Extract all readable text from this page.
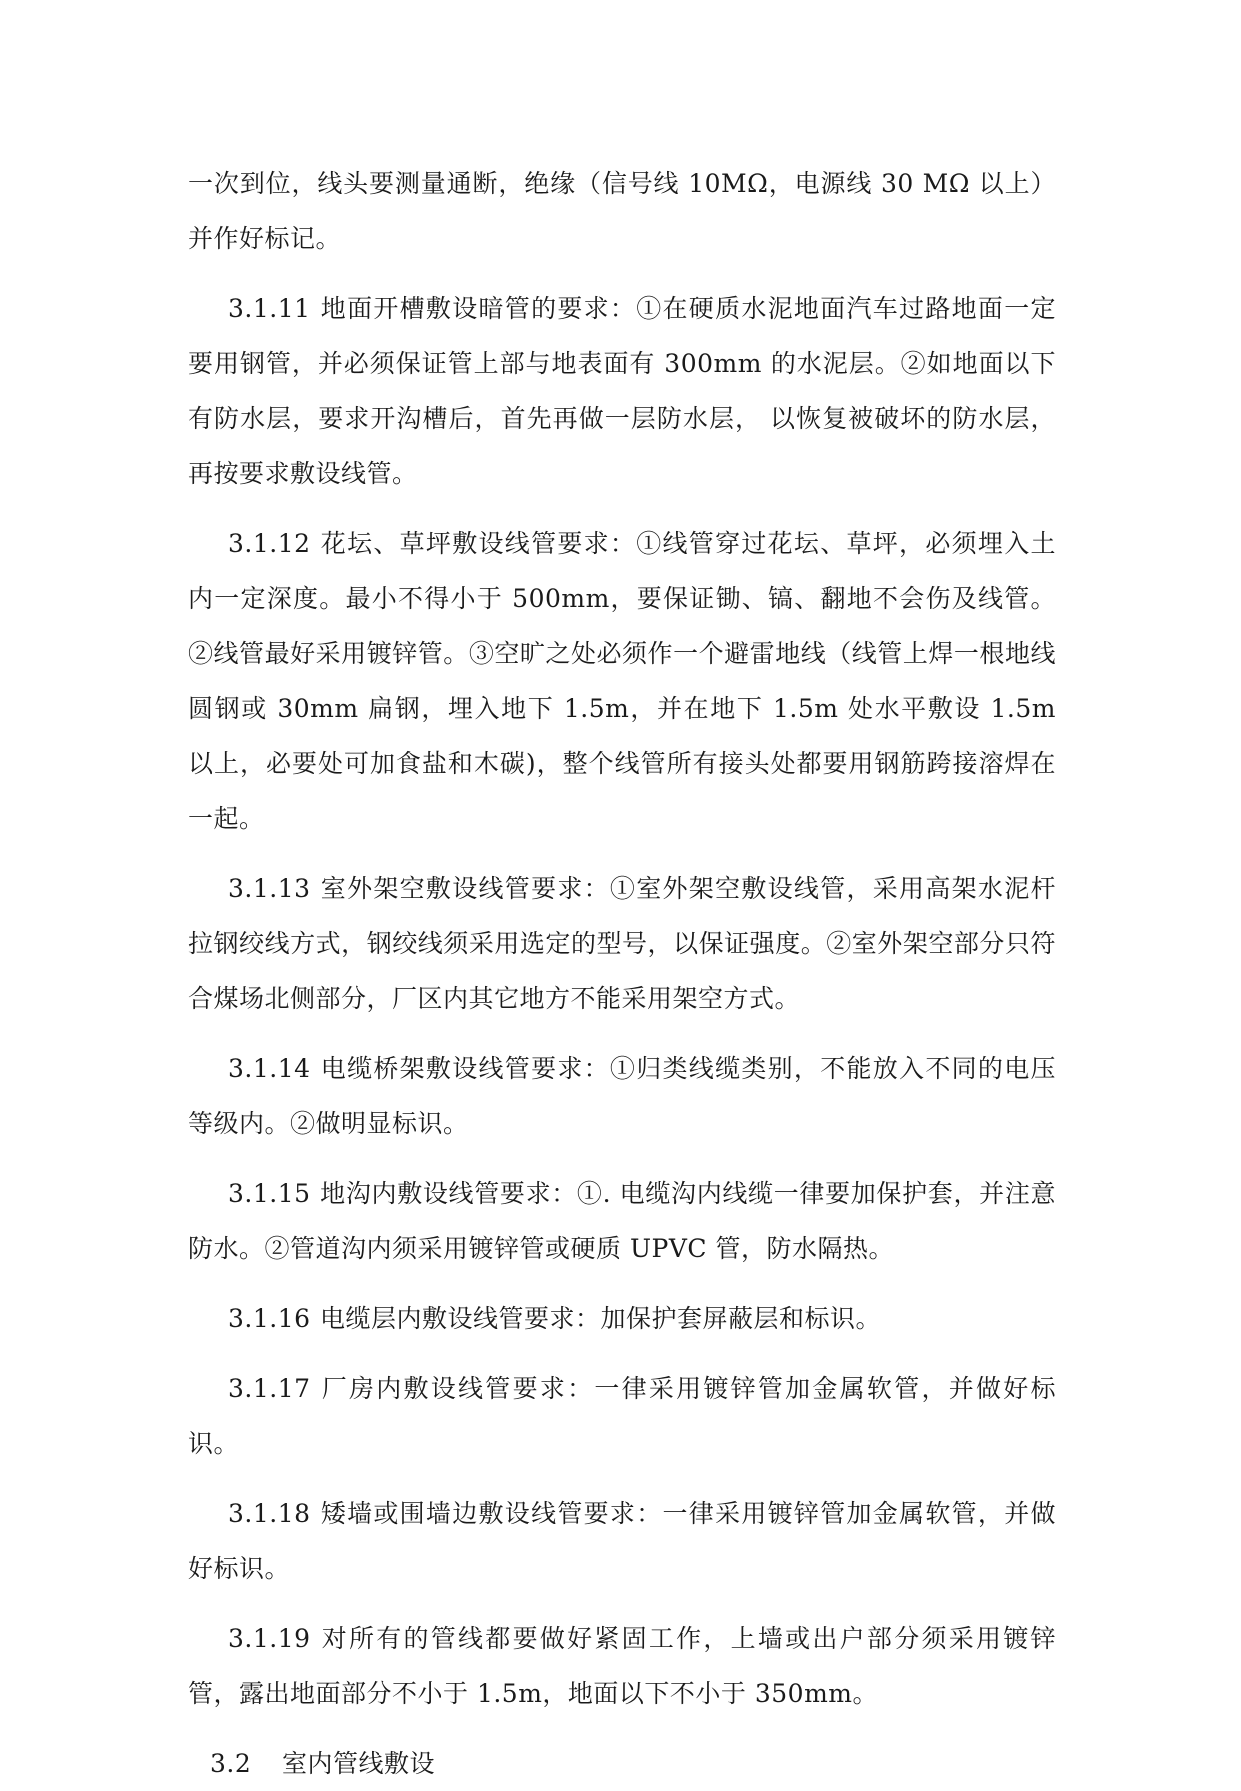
一次到位，线头要测量通断，绝缘（信号线 10MΩ，电源线 30 MΩ 以上）并作好标记。

3.1.11 地面开槽敷设暗管的要求：①在硬质水泥地面汽车过路地面一定要用钢管，并必须保证管上部与地表面有 300mm 的水泥层。②如地面以下有防水层，要求开沟槽后，首先再做一层防水层， 以恢复被破坏的防水层，再按要求敷设线管。

3.1.12 花坛、草坪敷设线管要求：①线管穿过花坛、草坪，必须埋入土内一定深度。最小不得小于 500mm，要保证锄、镐、翻地不会伤及线管。②线管最好采用镀锌管。③空旷之处必须作一个避雷地线（线管上焊一根地线圆钢或 30mm 扁钢，埋入地下 1.5m，并在地下 1.5m 处水平敷设 1.5m 以上，必要处可加食盐和木碳)，整个线管所有接头处都要用钢筋跨接溶焊在一起。

3.1.13 室外架空敷设线管要求：①室外架空敷设线管，采用高架水泥杆拉钢绞线方式，钢绞线须采用选定的型号，以保证强度。②室外架空部分只符合煤场北侧部分，厂区内其它地方不能采用架空方式。

3.1.14 电缆桥架敷设线管要求：①归类线缆类别，不能放入不同的电压等级内。②做明显标识。

3.1.15 地沟内敷设线管要求：①. 电缆沟内线缆一律要加保护套，并注意防水。②管道沟内须采用镀锌管或硬质 UPVC 管，防水隔热。

3.1.16 电缆层内敷设线管要求：加保护套屏蔽层和标识。

3.1.17 厂房内敷设线管要求：一律采用镀锌管加金属软管，并做好标识。

3.1.18 矮墙或围墙边敷设线管要求：一律采用镀锌管加金属软管，并做好标识。

3.1.19 对所有的管线都要做好紧固工作，上墙或出户部分须采用镀锌管，露出地面部分不小于 1.5m，地面以下不小于 350mm。

3.2 室内管线敷设
